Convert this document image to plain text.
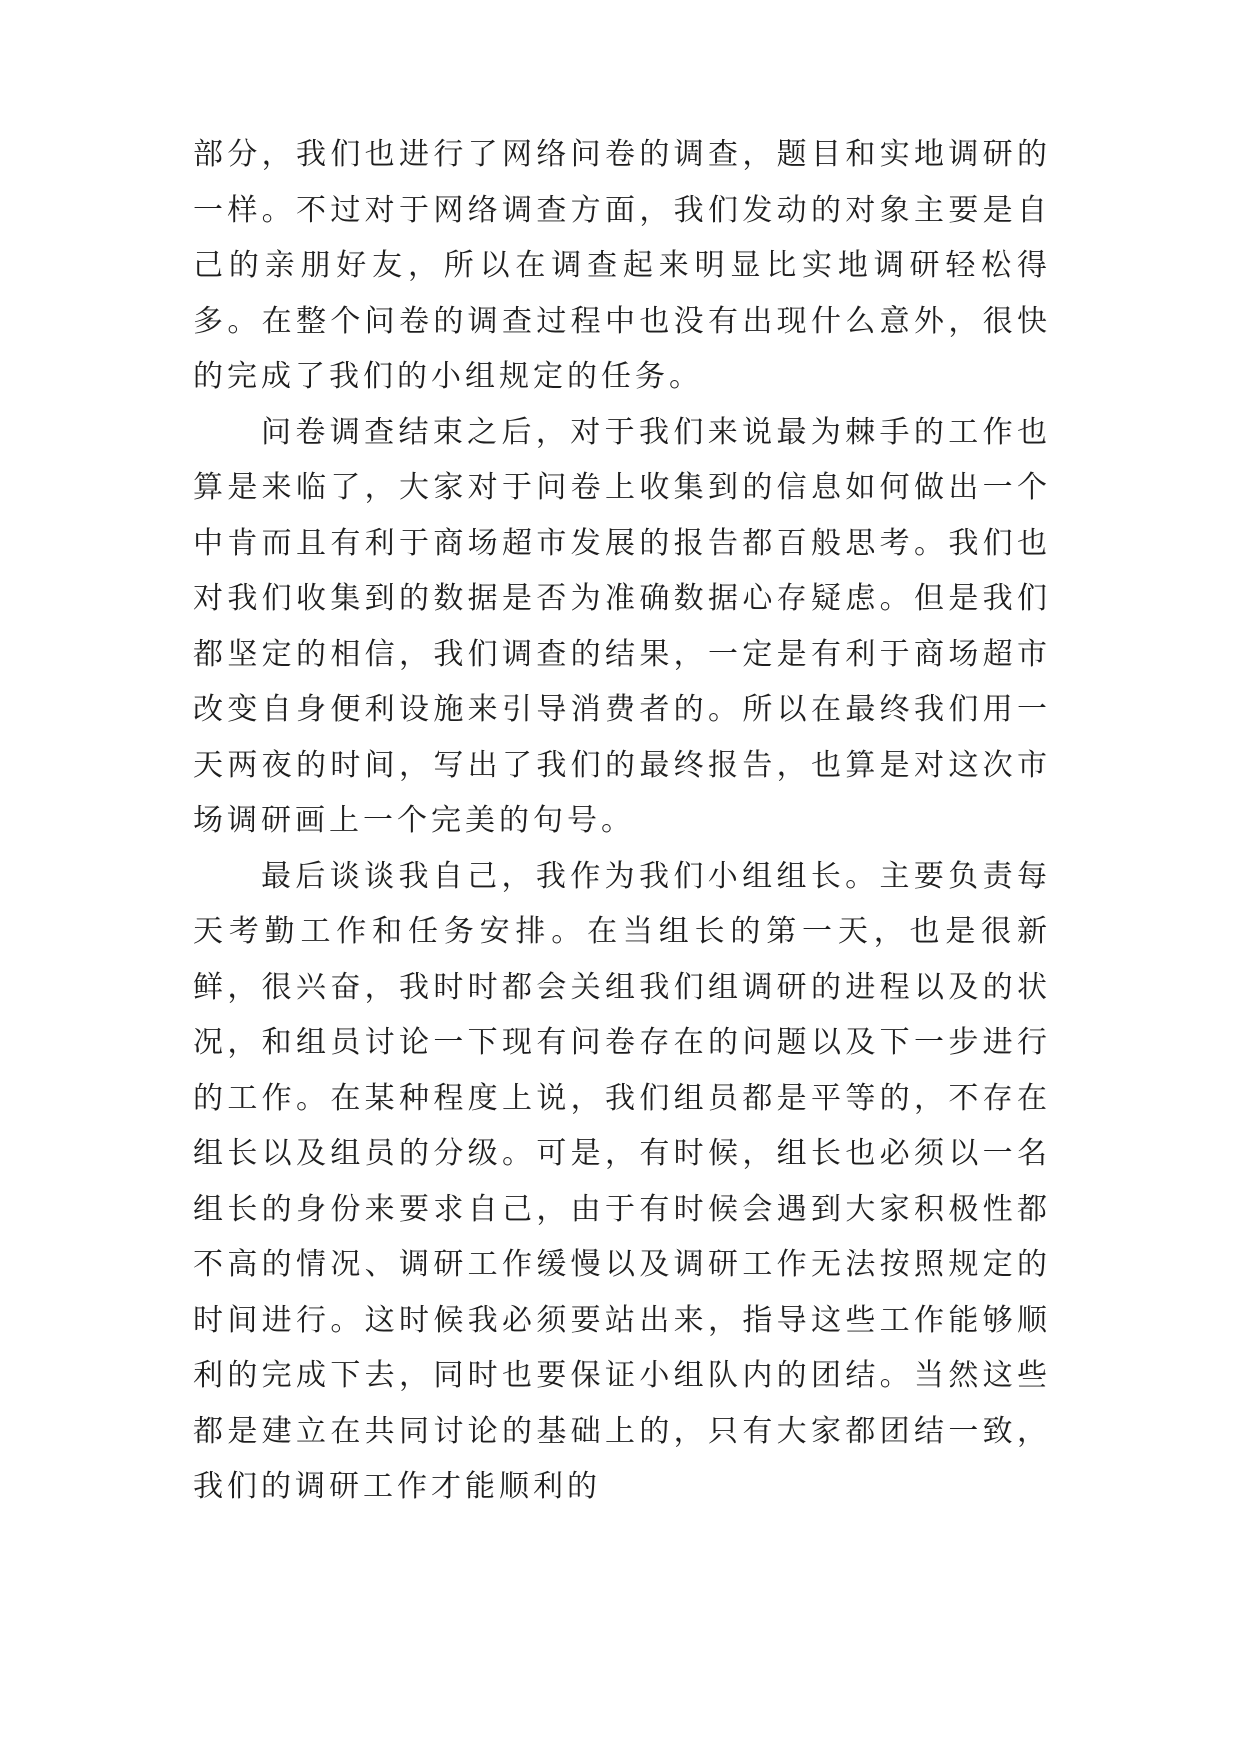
部分，我们也进行了网络问卷的调查，题目和实地调研的一样。不过对于网络调查方面，我们发动的对象主要是自己的亲朋好友，所以在调查起来明显比实地调研轻松得多。在整个问卷的调查过程中也没有出现什么意外，很快的完成了我们的小组规定的任务。

问卷调查结束之后，对于我们来说最为棘手的工作也算是来临了，大家对于问卷上收集到的信息如何做出一个中肯而且有利于商场超市发展的报告都百般思考。我们也对我们收集到的数据是否为准确数据心存疑虑。但是我们都坚定的相信，我们调查的结果，一定是有利于商场超市改变自身便利设施来引导消费者的。所以在最终我们用一天两夜的时间，写出了我们的最终报告，也算是对这次市场调研画上一个完美的句号。

最后谈谈我自己，我作为我们小组组长。主要负责每天考勤工作和任务安排。在当组长的第一天，也是很新鲜，很兴奋，我时时都会关组我们组调研的进程以及的状况，和组员讨论一下现有问卷存在的问题以及下一步进行的工作。在某种程度上说，我们组员都是平等的，不存在组长以及组员的分级。可是，有时候，组长也必须以一名组长的身份来要求自己，由于有时候会遇到大家积极性都不高的情况、调研工作缓慢以及调研工作无法按照规定的时间进行。这时候我必须要站出来，指导这些工作能够顺利的完成下去，同时也要保证小组队内的团结。当然这些都是建立在共同讨论的基础上的，只有大家都团结一致，我们的调研工作才能顺利的
